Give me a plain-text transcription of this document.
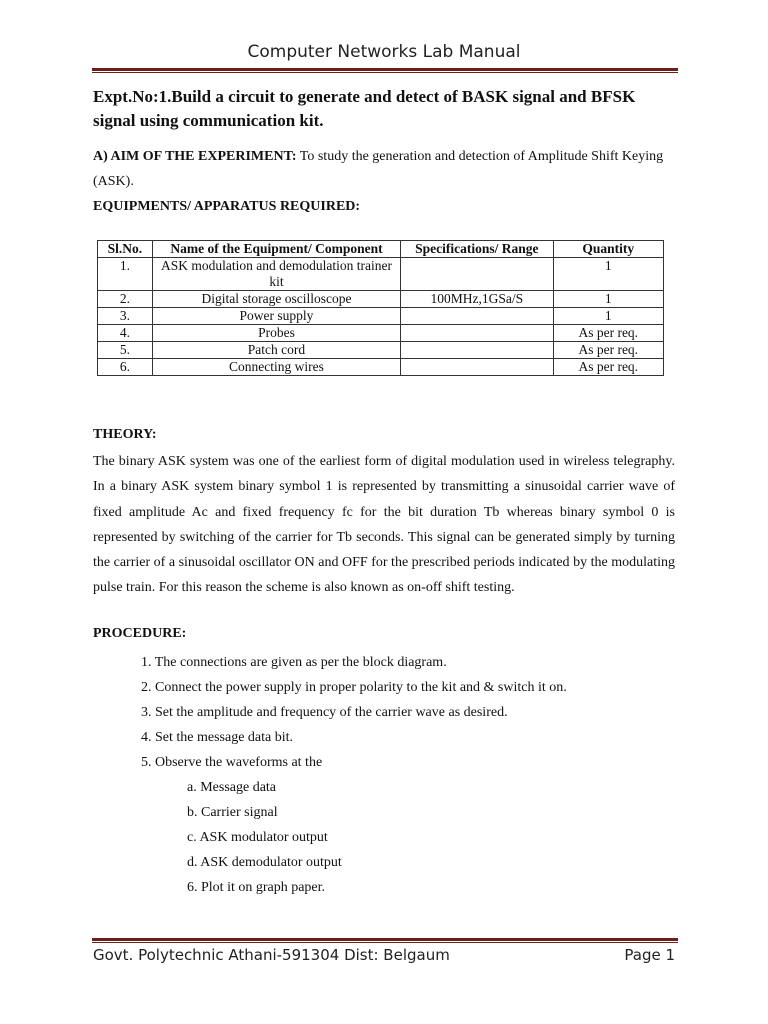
Computer Networks Lab Manual

Expt.No:1.Build a circuit to generate and detect of BASK signal and BFSK signal using communication kit.

A) AIM OF THE EXPERIMENT: To study the generation and detection of Amplitude Shift Keying (ASK).

EQUIPMENTS/ APPARATUS REQUIRED:

Sl.No.	Name of the Equipment/ Component	Specifications/ Range	Quantity
1.	ASK modulation and demodulation trainer kit		1
2.	Digital storage oscilloscope	100MHz,1GSa/S	1
3.	Power supply		1
4.	Probes		As per req.
5.	Patch cord		As per req.
6.	Connecting wires		As per req.

THEORY:

The binary ASK system was one of the earliest form of digital modulation used in wireless telegraphy. In a binary ASK system binary symbol 1 is represented by transmitting a sinusoidal carrier wave of fixed amplitude Ac and fixed frequency fc for the bit duration Tb whereas binary symbol 0 is represented by switching of the carrier for Tb seconds. This signal can be generated simply by turning the carrier of a sinusoidal oscillator ON and OFF for the prescribed periods indicated by the modulating pulse train. For this reason the scheme is also known as on-off shift testing.

PROCEDURE:

1. The connections are given as per the block diagram.
2. Connect the power supply in proper polarity to the kit and & switch it on.
3. Set the amplitude and frequency of the carrier wave as desired.
4. Set the message data bit.
5. Observe the waveforms at the
a. Message data
b. Carrier signal
c. ASK modulator output
d. ASK demodulator output
6. Plot it on graph paper.
Govt. Polytechnic Athani-591304 Dist: Belgaum	Page 1
